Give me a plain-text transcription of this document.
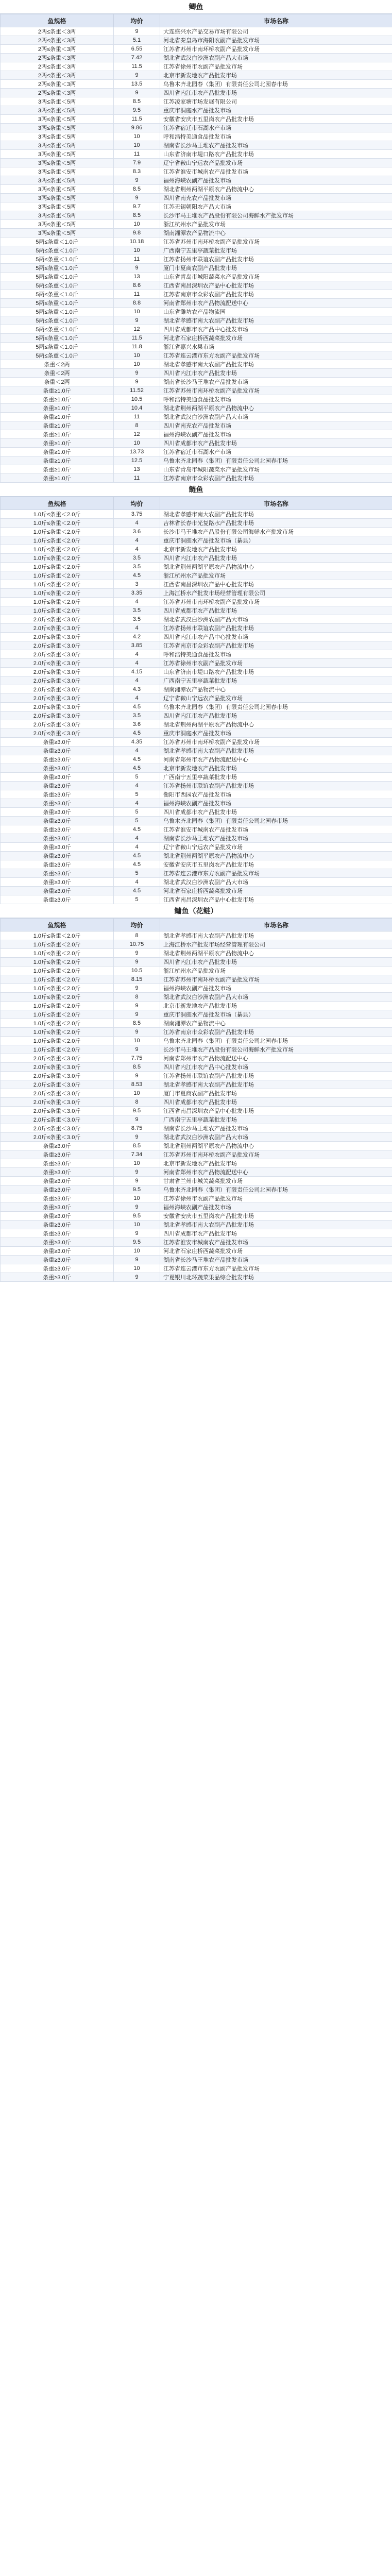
鲫鱼
鱼规格	均价	市场名称
2两≤条重＜3两	9	大连盛兴水产品交易市场有限公司
2两≤条重＜3两	5.1	河北省秦皇岛市海阳农副产品批发市场
2两≤条重＜3两	6.55	江苏省苏州市南环桥农副产品批发市场
2两≤条重＜3两	7.42	湖北省武汉白沙洲农副产品大市场
2两≤条重＜3两	11.5	江苏省徐州市农副产品批发市场
2两≤条重＜3两	9	北京市新发地农产品批发市场
2两≤条重＜3两	13.5	乌鲁木齐北园春（集团）有限责任公司北园春市场
2两≤条重＜3两	9	四川省内江市农产品批发市场
3两≤条重＜5两	8.5	江苏凌家塘市场发展有限公司
3两≤条重＜5两	9.5	重庆市洞庭水产品批发市场
3两≤条重＜5两	11.5	安徽省安庆市五里岗农产品批发市场
3两≤条重＜5两	9.86	江苏省宿迁市石湖水产市场
3两≤条重＜5两	10	呼和浩特美通食品批发市场
3两≤条重＜5两	10	湖南省长沙马王堆农产品批发市场
3两≤条重＜5两	11	山东省济南市堤口路农产品批发市场
3两≤条重＜5两	7.9	辽宁省鞍山宁远农产品批发市场
3两≤条重＜5两	8.3	江苏省淮安市城南农产品批发市场
3两≤条重＜5两	9	福州海峡农副产品批发市场
3两≤条重＜5两	8.5	湖北省荆州两湖平原农产品物流中心
3两≤条重＜5两	9	四川省南充农产品批发市场
3两≤条重＜5两	9.7	江苏无锡朝阳农产品大市场
3两≤条重＜5两	8.5	长沙市马王堆农产品股份有限公司海鲜水产批发市场
3两≤条重＜5两	10	浙江杭州水产品批发市场
3两≤条重＜5两	9.8	湖南湘潭农产品物流中心
5两≤条重＜1.0斤	10.18	江苏省苏州市南环桥农副产品批发市场
5两≤条重＜1.0斤	10	广西南宁五里亭蔬菜批发市场
5两≤条重＜1.0斤	11	江苏省扬州市联谊农副产品批发市场
5两≤条重＜1.0斤	9	厦门市夏商农副产品批发市场
5两≤条重＜1.0斤	13	山东省青岛市城阳蔬菜水产品批发市场
5两≤条重＜1.0斤	8.6	江西省南昌深圳农产品中心批发市场
5两≤条重＜1.0斤	11	江苏省南京市众彩农副产品批发市场
5两≤条重＜1.0斤	8.8	河南省郑州市农产品物流配送中心
5两≤条重＜1.0斤	10	山东省潍坊农产品物流园
5两≤条重＜1.0斤	9	湖北省孝感市南大农副产品批发市场
5两≤条重＜1.0斤	12	四川省成都市农产品中心批发市场
5两≤条重＜1.0斤	11.5	河北省石家庄桥西蔬菜批发市场
5两≤条重＜1.0斤	11.8	浙江省嘉兴水果市场
5两≤条重＜1.0斤	10	江苏省连云港市东方农副产品批发市场
条重＜2两	10	湖北省孝感市南大农副产品批发市场
条重＜2两	9	四川省内江市农产品批发市场
条重＜2两	9	湖南省长沙马王堆农产品批发市场
条重≥1.0斤	11.52	江苏省苏州市南环桥农副产品批发市场
条重≥1.0斤	10.5	呼和浩特美通食品批发市场
条重≥1.0斤	10.4	湖北省荆州两湖平原农产品物流中心
条重≥1.0斤	11	湖北省武汉白沙洲农副产品大市场
条重≥1.0斤	8	四川省南充农产品批发市场
条重≥1.0斤	12	福州海峡农副产品批发市场
条重≥1.0斤	10	四川省成都市农产品批发市场
条重≥1.0斤	13.73	江苏省宿迁市石湖水产市场
条重≥1.0斤	12.5	乌鲁木齐北园春（集团）有限责任公司北园春市场
条重≥1.0斤	13	山东省青岛市城阳蔬菜水产品批发市场
条重≥1.0斤	11	江苏省南京市众彩农副产品批发市场
鲢鱼
鱼规格	均价	市场名称
1.0斤≤条重＜2.0斤	3.75	湖北省孝感市南大农副产品批发市场
1.0斤≤条重＜2.0斤	4	吉林省长春市光复路水产品批发市场
1.0斤≤条重＜2.0斤	3.6	长沙市马王堆农产品股份有限公司海鲜水产批发市场
1.0斤≤条重＜2.0斤	4	重庆市洞庭水产品批发市场（綦县）
1.0斤≤条重＜2.0斤	4	北京市新发地农产品批发市场
1.0斤≤条重＜2.0斤	3.5	四川省内江市农产品批发市场
1.0斤≤条重＜2.0斤	3.5	湖北省荆州两湖平原农产品物流中心
1.0斤≤条重＜2.0斤	4.5	浙江杭州水产品批发市场
1.0斤≤条重＜2.0斤	3	江西省南昌深圳农产品中心批发市场
1.0斤≤条重＜2.0斤	3.35	上海江桥水产批发市场经营管理有限公司
1.0斤≤条重＜2.0斤	4	江苏省苏州市南环桥农副产品批发市场
1.0斤≤条重＜2.0斤	3.5	四川省成都市农产品批发市场
2.0斤≤条重＜3.0斤	3.5	湖北省武汉白沙洲农副产品大市场
2.0斤≤条重＜3.0斤	4	江苏省扬州市联谊农副产品批发市场
2.0斤≤条重＜3.0斤	4.2	四川省内江市农产品中心批发市场
2.0斤≤条重＜3.0斤	3.85	江苏省南京市众彩农副产品批发市场
2.0斤≤条重＜3.0斤	4	呼和浩特美通食品批发市场
2.0斤≤条重＜3.0斤	4	江苏省徐州市农副产品批发市场
2.0斤≤条重＜3.0斤	4.15	山东省济南市堤口路农产品批发市场
2.0斤≤条重＜3.0斤	4	广西南宁五里亭蔬菜批发市场
2.0斤≤条重＜3.0斤	4.3	湖南湘潭农产品物流中心
2.0斤≤条重＜3.0斤	4	辽宁省鞍山宁远农产品批发市场
2.0斤≤条重＜3.0斤	4.5	乌鲁木齐北园春（集团）有限责任公司北园春市场
2.0斤≤条重＜3.0斤	3.5	四川省内江市农产品批发市场
2.0斤≤条重＜3.0斤	3.6	湖北省荆州两湖平原农产品物流中心
2.0斤≤条重＜3.0斤	4.5	重庆市洞庭水产品批发市场
条重≥3.0斤	4.35	江苏省苏州市南环桥农副产品批发市场
条重≥3.0斤	4	湖北省孝感市南大农副产品批发市场
条重≥3.0斤	4.5	河南省郑州市农产品物流配送中心
条重≥3.0斤	4.5	北京市新发地农产品批发市场
条重≥3.0斤	5	广西南宁五里亭蔬菜批发市场
条重≥3.0斤	4	江苏省扬州市联谊农副产品批发市场
条重≥3.0斤	5	衡阳市西园农产品批发市场
条重≥3.0斤	4	福州海峡农副产品批发市场
条重≥3.0斤	5	四川省成都市农产品批发市场
条重≥3.0斤	5	乌鲁木齐北园春（集团）有限责任公司北园春市场
条重≥3.0斤	4.5	江苏省淮安市城南农产品批发市场
条重≥3.0斤	4	湖南省长沙马王堆农产品批发市场
条重≥3.0斤	4	辽宁省鞍山宁远农产品批发市场
条重≥3.0斤	4.5	湖北省荆州两湖平原农产品物流中心
条重≥3.0斤	4.5	安徽省安庆市五里岗农产品批发市场
条重≥3.0斤	5	江苏省连云港市东方农副产品批发市场
条重≥3.0斤	4	湖北省武汉白沙洲农副产品大市场
条重≥3.0斤	4.5	河北省石家庄桥西蔬菜批发市场
条重≥3.0斤	5	江西省南昌深圳农产品中心批发市场
鳙鱼（花鲢）
鱼规格	均价	市场名称
1.0斤≤条重＜2.0斤	8	湖北省孝感市南大农副产品批发市场
1.0斤≤条重＜2.0斤	10.75	上海江桥水产批发市场经营管理有限公司
1.0斤≤条重＜2.0斤	9	湖北省荆州两湖平原农产品物流中心
1.0斤≤条重＜2.0斤	9	四川省内江市农产品批发市场
1.0斤≤条重＜2.0斤	10.5	浙江杭州水产品批发市场
1.0斤≤条重＜2.0斤	8.15	江苏省苏州市南环桥农副产品批发市场
1.0斤≤条重＜2.0斤	9	福州海峡农副产品批发市场
1.0斤≤条重＜2.0斤	8	湖北省武汉白沙洲农副产品大市场
1.0斤≤条重＜2.0斤	9	北京市新发地农产品批发市场
1.0斤≤条重＜2.0斤	9	重庆市洞庭水产品批发市场（綦县）
1.0斤≤条重＜2.0斤	8.5	湖南湘潭农产品物流中心
1.0斤≤条重＜2.0斤	9	江苏省南京市众彩农副产品批发市场
1.0斤≤条重＜2.0斤	10	乌鲁木齐北园春（集团）有限责任公司北园春市场
1.0斤≤条重＜2.0斤	9	长沙市马王堆农产品股份有限公司海鲜水产批发市场
2.0斤≤条重＜3.0斤	7.75	河南省郑州市农产品物流配送中心
2.0斤≤条重＜3.0斤	8.5	四川省内江市农产品中心批发市场
2.0斤≤条重＜3.0斤	9	江苏省扬州市联谊农副产品批发市场
2.0斤≤条重＜3.0斤	8.53	湖北省孝感市南大农副产品批发市场
2.0斤≤条重＜3.0斤	10	厦门市夏商农副产品批发市场
2.0斤≤条重＜3.0斤	8	四川省成都市农产品批发市场
2.0斤≤条重＜3.0斤	9.5	江西省南昌深圳农产品中心批发市场
2.0斤≤条重＜3.0斤	9	广西南宁五里亭蔬菜批发市场
2.0斤≤条重＜3.0斤	8.75	湖南省长沙马王堆农产品批发市场
2.0斤≤条重＜3.0斤	9	湖北省武汉白沙洲农副产品大市场
条重≥3.0斤	8.5	湖北省荆州两湖平原农产品物流中心
条重≥3.0斤	7.34	江苏省苏州市南环桥农副产品批发市场
条重≥3.0斤	10	北京市新发地农产品批发市场
条重≥3.0斤	9	河南省郑州市农产品物流配送中心
条重≥3.0斤	9	甘肃省兰州市城关蔬菜批发市场
条重≥3.0斤	9.5	乌鲁木齐北园春（集团）有限责任公司北园春市场
条重≥3.0斤	10	江苏省徐州市农副产品批发市场
条重≥3.0斤	9	福州海峡农副产品批发市场
条重≥3.0斤	9.5	安徽省安庆市五里岗农产品批发市场
条重≥3.0斤	10	湖北省孝感市南大农副产品批发市场
条重≥3.0斤	9	四川省成都市农产品批发市场
条重≥3.0斤	9.5	江苏省淮安市城南农产品批发市场
条重≥3.0斤	10	河北省石家庄桥西蔬菜批发市场
条重≥3.0斤	9	湖南省长沙马王堆农产品批发市场
条重≥3.0斤	10	江苏省连云港市东方农副产品批发市场
条重≥3.0斤	9	宁夏银川北环蔬菜果品综合批发市场
